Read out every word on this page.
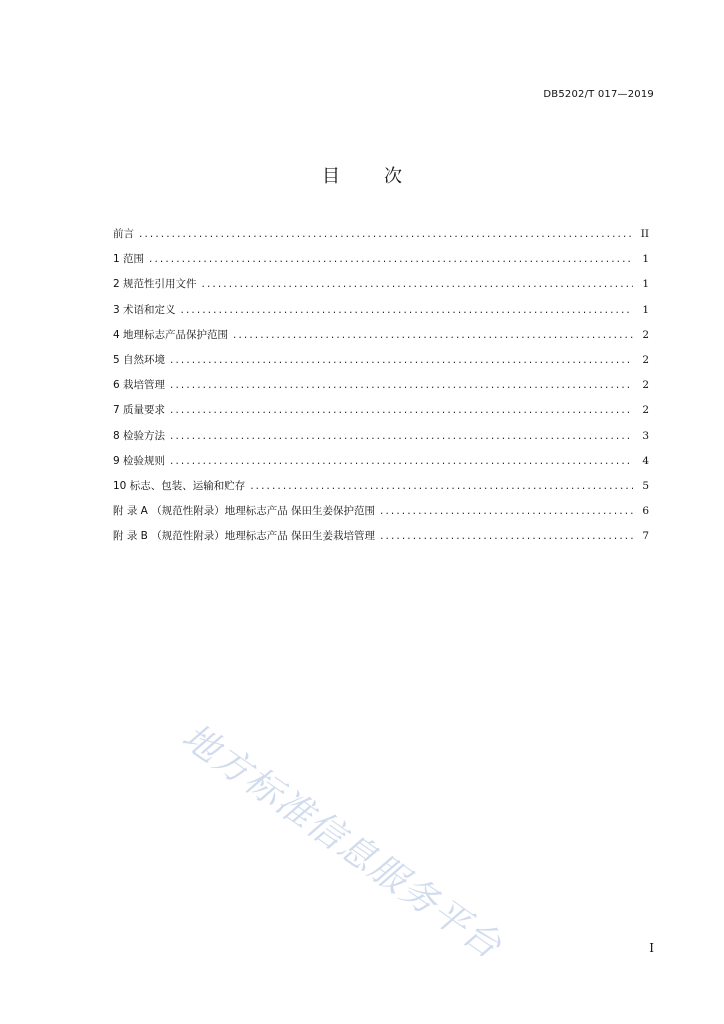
DB5202/T 017—2019
目 次
前言 .....	II
1 范围 .....	1
2 规范性引用文件 .....	1
3 术语和定义 .....	1
4 地理标志产品保护范围 .....	2
5 自然环境 .....	2
6 栽培管理 .....	2
7 质量要求 .....	2
8 检验方法 .....	3
9 检验规则 .....	4
10 标志、包装、运输和贮存 .....	5
附 录 A （规范性附录）地理标志产品 保田生姜保护范围 .....	6
附 录 B （规范性附录）地理标志产品 保田生姜栽培管理 .....	7
地方标准信息服务平台	I
